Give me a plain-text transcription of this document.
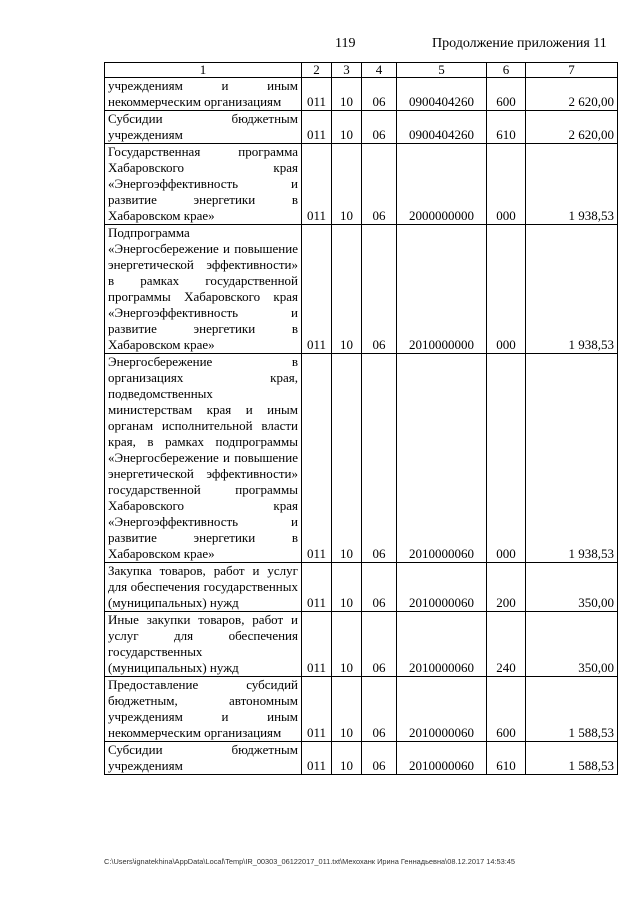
119	Продолжение приложения 11
1	2	3	4	5	6	7
учреждениям и иным некоммерческим организациям	011	10	06	0900404260	600	2 620,00
Субсидии бюджетным учреждениям	011	10	06	0900404260	610	2 620,00
Государственная программа Хабаровского края «Энергоэффективность и развитие энергетики в Хабаровском крае»	011	10	06	2000000000	000	1 938,53
Подпрограмма «Энергосбережение и повышение энергетической эффективности» в рамках государственной программы Хабаровского края «Энергоэффективность и развитие энергетики в Хабаровском крае»	011	10	06	2010000000	000	1 938,53
Энергосбережение в организациях края, подведомственных министерствам края и иным органам исполнительной власти края, в рамках подпрограммы «Энергосбережение и повышение энергетической эффективности» государственной программы Хабаровского края «Энергоэффективность и развитие энергетики в Хабаровском крае»	011	10	06	2010000060	000	1 938,53
Закупка товаров, работ и услуг для обеспечения государственных (муниципальных) нужд	011	10	06	2010000060	200	350,00
Иные закупки товаров, работ и услуг для обеспечения государственных (муниципальных) нужд	011	10	06	2010000060	240	350,00
Предоставление субсидий бюджетным, автономным учреждениям и иным некоммерческим организациям	011	10	06	2010000060	600	1 588,53
Субсидии бюджетным учреждениям	011	10	06	2010000060	610	1 588,53
C:\Users\ignatekhina\AppData\Local\Temp\IR_00303_06122017_011.txt\Мехоханк Ирина Геннадьевна\08.12.2017 14:53:45
